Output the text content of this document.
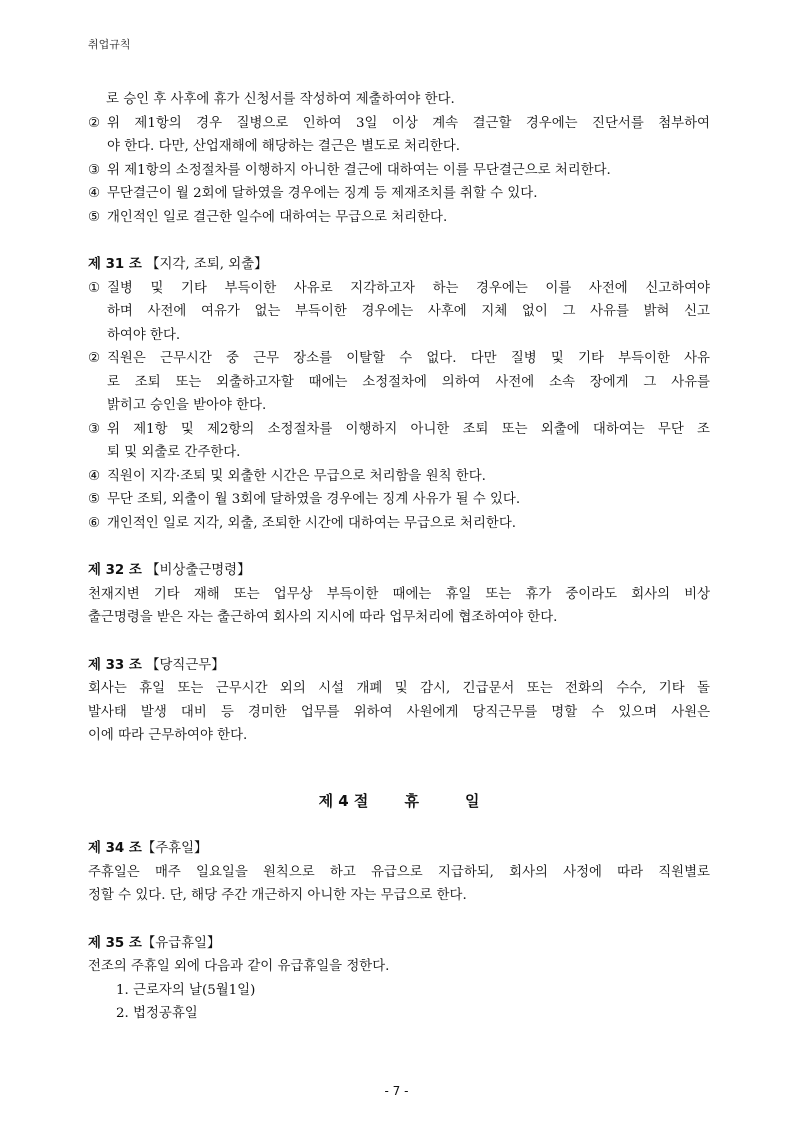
취업규칙
로 승인 후 사후에 휴가 신청서를 작성하여 제출하여야 한다.
② 위 제1항의 경우 질병으로 인하여 3일 이상 계속 결근할 경우에는 진단서를 첨부하여
야 한다. 다만, 산업재해에 해당하는 결근은 별도로 처리한다.
③ 위 제1항의 소정절차를 이행하지 아니한 결근에 대하여는 이를 무단결근으로 처리한다.
④ 무단결근이 월 2회에 달하였을 경우에는 징계 등 제재조치를 취할 수 있다.
⑤ 개인적인 일로 결근한 일수에 대하여는 무급으로 처리한다.
제 31 조 【지각, 조퇴, 외출】
① 질병 및 기타 부득이한 사유로 지각하고자 하는 경우에는 이를 사전에 신고하여야
하며 사전에 여유가 없는 부득이한 경우에는 사후에 지체 없이 그 사유를 밝혀 신고
하여야 한다.
② 직원은 근무시간 중 근무 장소를 이탈할 수 없다. 다만 질병 및 기타 부득이한 사유
로 조퇴 또는 외출하고자할 때에는 소정절차에 의하여 사전에 소속 장에게 그 사유를
밝히고 승인을 받아야 한다.
③ 위 제1항 및 제2항의 소정절차를 이행하지 아니한 조퇴 또는 외출에 대하여는 무단 조
퇴 및 외출로 간주한다.
④ 직원이 지각·조퇴 및 외출한 시간은 무급으로 처리함을 원칙 한다.
⑤ 무단 조퇴, 외출이 월 3회에 달하였을 경우에는 징계 사유가 될 수 있다.
⑥ 개인적인 일로 지각, 외출, 조퇴한 시간에 대하여는 무급으로 처리한다.
제 32 조 【비상출근명령】
천재지변 기타 재해 또는 업무상 부득이한 때에는 휴일 또는 휴가 중이라도 회사의 비상
출근명령을 받은 자는 출근하여 회사의 지시에 따라 업무처리에 협조하여야 한다.
제 33 조 【당직근무】
회사는 휴일 또는 근무시간 외의 시설 개폐 및 감시, 긴급문서 또는 전화의 수수, 기타 돌
발사태 발생 대비 등 경미한 업무를 위하여 사원에게 당직근무를 명할 수 있으며 사원은
이에 따라 근무하여야 한다.
제 4 절 휴	일
제 34 조【주휴일】
주휴일은 매주 일요일을 원칙으로 하고 유급으로 지급하되, 회사의 사정에 따라 직원별로
정할 수 있다. 단, 해당 주간 개근하지 아니한 자는 무급으로 한다.
제 35 조【유급휴일】
전조의 주휴일 외에 다음과 같이 유급휴일을 정한다.
1. 근로자의 날(5월1일)
2. 법정공휴일
- 7 -
